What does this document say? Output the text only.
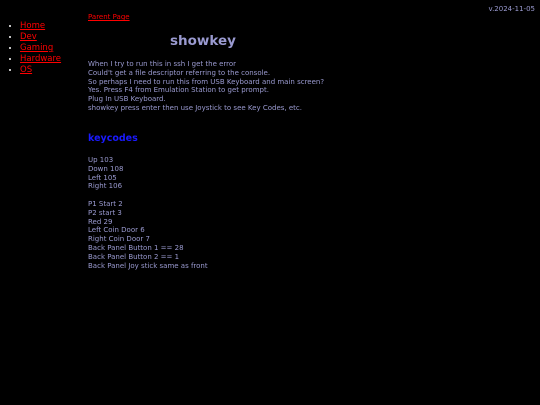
v.2024-11-05
• Home
• Dev
• Gaming
• Hardware
• OS
Parent Page
showkey
When I try to run this in ssh I get the error
Could't get a file descriptor referring to the console.
So perhaps I need to run this from USB Keyboard and main screen?
Yes. Press F4 from Emulation Station to get prompt.
Plug In USB Keyboard.
showkey press enter then use Joystick to see Key Codes, etc.
keycodes
Up 103
Down 108
Left 105
Right 106
P1 Start 2
P2 start 3
Red 29
Left Coin Door 6
Right Coin Door 7
Back Panel Button 1 == 28
Back Panel Button 2 == 1
Back Panel Joy stick same as front
